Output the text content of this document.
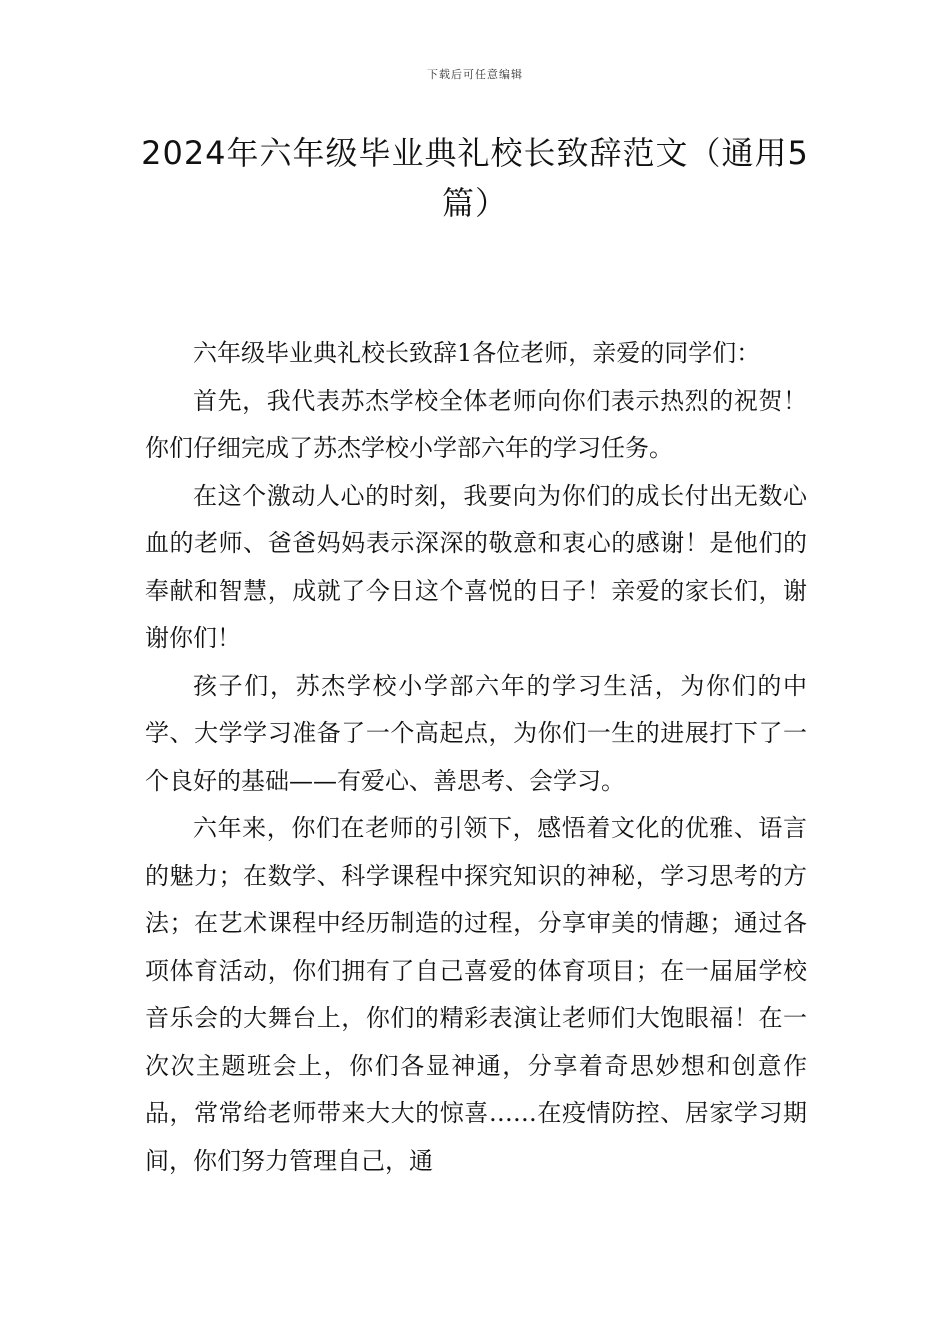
下载后可任意编辑
2024年六年级毕业典礼校长致辞范文（通用5篇）

六年级毕业典礼校长致辞1各位老师，亲爱的同学们：

首先，我代表苏杰学校全体老师向你们表示热烈的祝贺！你们仔细完成了苏杰学校小学部六年的学习任务。

在这个激动人心的时刻，我要向为你们的成长付出无数心血的老师、爸爸妈妈表示深深的敬意和衷心的感谢！是他们的奉献和智慧，成就了今日这个喜悦的日子！亲爱的家长们，谢谢你们！

孩子们，苏杰学校小学部六年的学习生活，为你们的中学、大学学习准备了一个高起点，为你们一生的进展打下了一个良好的基础——有爱心、善思考、会学习。

六年来，你们在老师的引领下，感悟着文化的优雅、语言的魅力；在数学、科学课程中探究知识的神秘，学习思考的方法；在艺术课程中经历制造的过程，分享审美的情趣；通过各项体育活动，你们拥有了自己喜爱的体育项目；在一届届学校音乐会的大舞台上，你们的精彩表演让老师们大饱眼福！在一次次主题班会上，你们各显神通，分享着奇思妙想和创意作品，常常给老师带来大大的惊喜……在疫情防控、居家学习期间，你们努力管理自己，通
